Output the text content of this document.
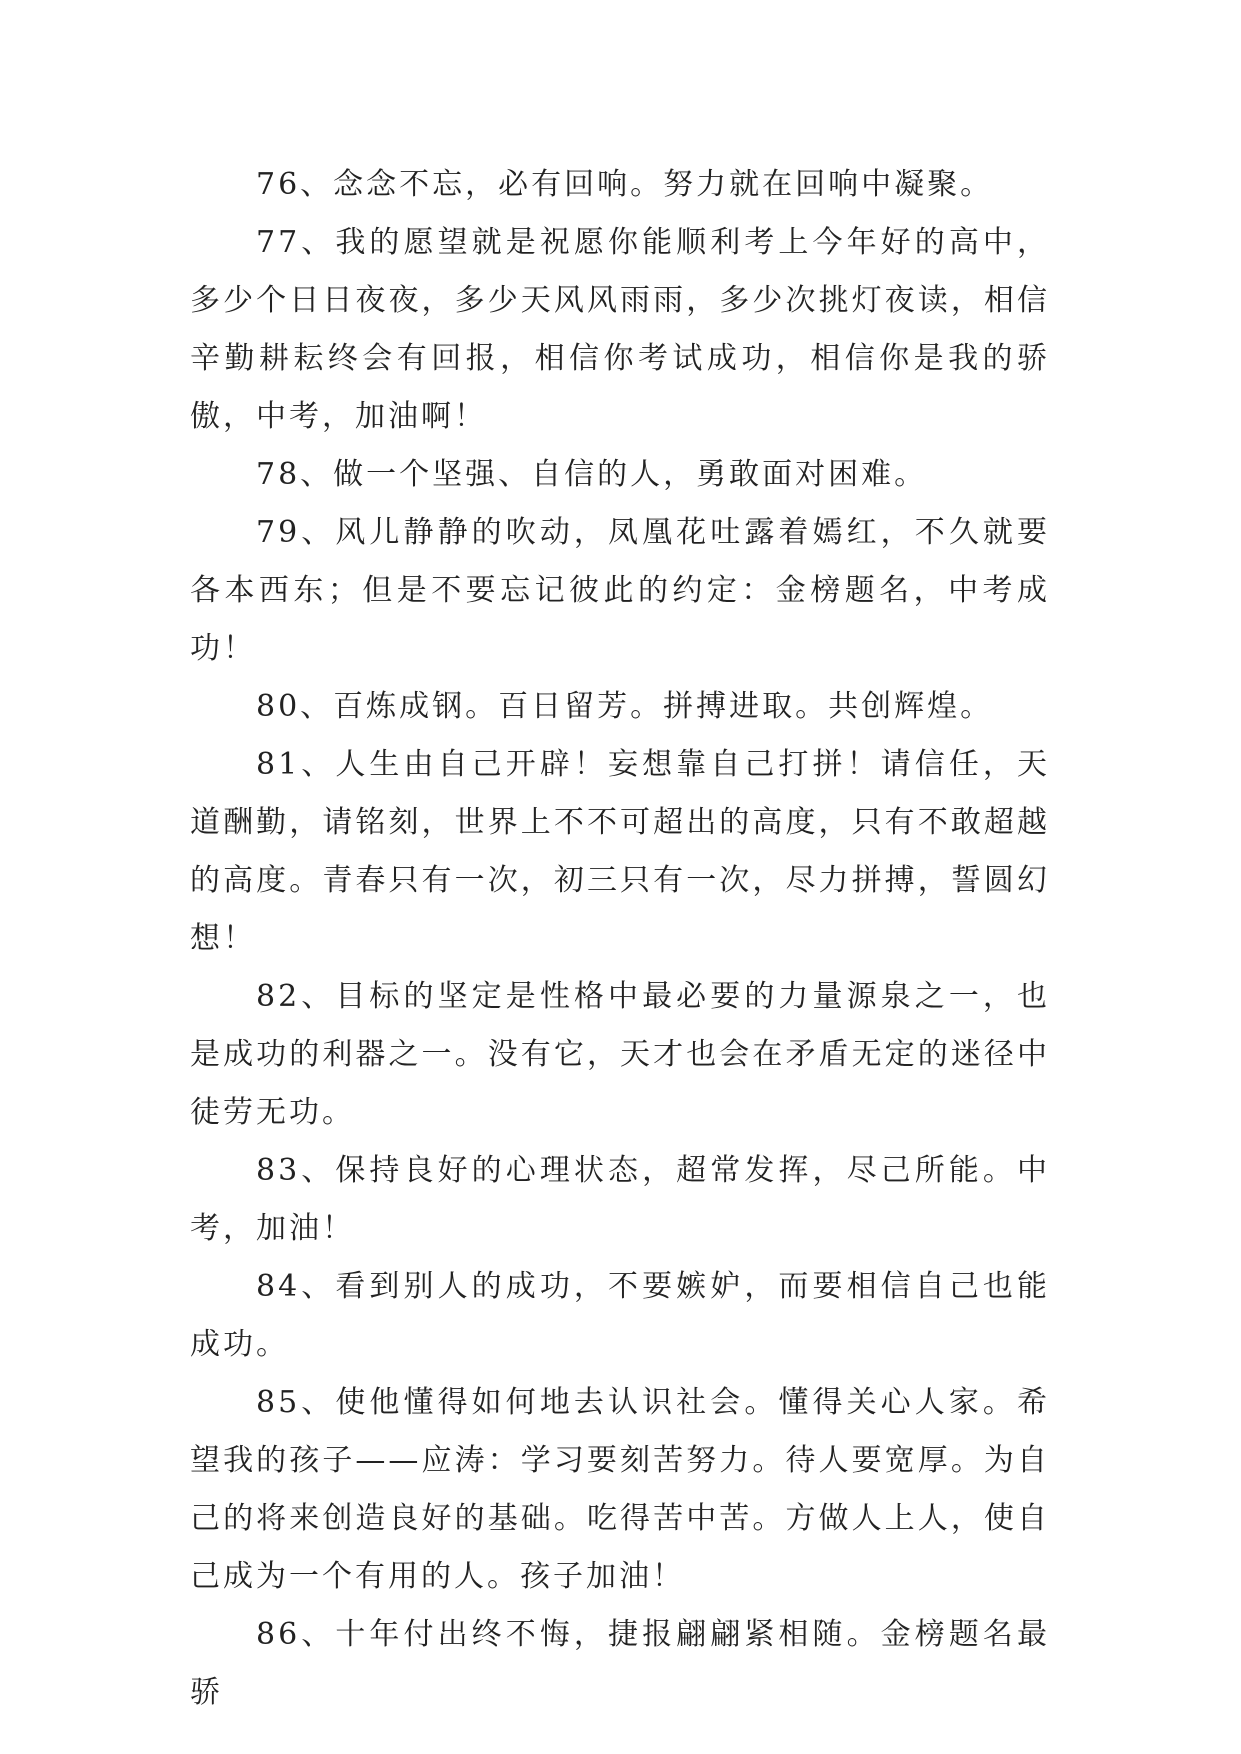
76、念念不忘，必有回响。努力就在回响中凝聚。

77、我的愿望就是祝愿你能顺利考上今年好的高中，多少个日日夜夜，多少天风风雨雨，多少次挑灯夜读，相信辛勤耕耘终会有回报，相信你考试成功，相信你是我的骄傲，中考，加油啊！

78、做一个坚强、自信的人，勇敢面对困难。

79、风儿静静的吹动，凤凰花吐露着嫣红，不久就要各本西东；但是不要忘记彼此的约定：金榜题名，中考成功！

80、百炼成钢。百日留芳。拼搏进取。共创辉煌。

81、人生由自己开辟！妄想靠自己打拼！请信任，天道酬勤，请铭刻，世界上不不可超出的高度，只有不敢超越的高度。青春只有一次，初三只有一次，尽力拼搏，誓圆幻想！

82、目标的坚定是性格中最必要的力量源泉之一，也是成功的利器之一。没有它，天才也会在矛盾无定的迷径中徒劳无功。

83、保持良好的心理状态，超常发挥，尽己所能。中考，加油！

84、看到别人的成功，不要嫉妒，而要相信自己也能成功。

85、使他懂得如何地去认识社会。懂得关心人家。希望我的孩子——应涛：学习要刻苦努力。待人要宽厚。为自己的将来创造良好的基础。吃得苦中苦。方做人上人，使自己成为一个有用的人。孩子加油！

86、十年付出终不悔，捷报翩翩紧相随。金榜题名最骄
